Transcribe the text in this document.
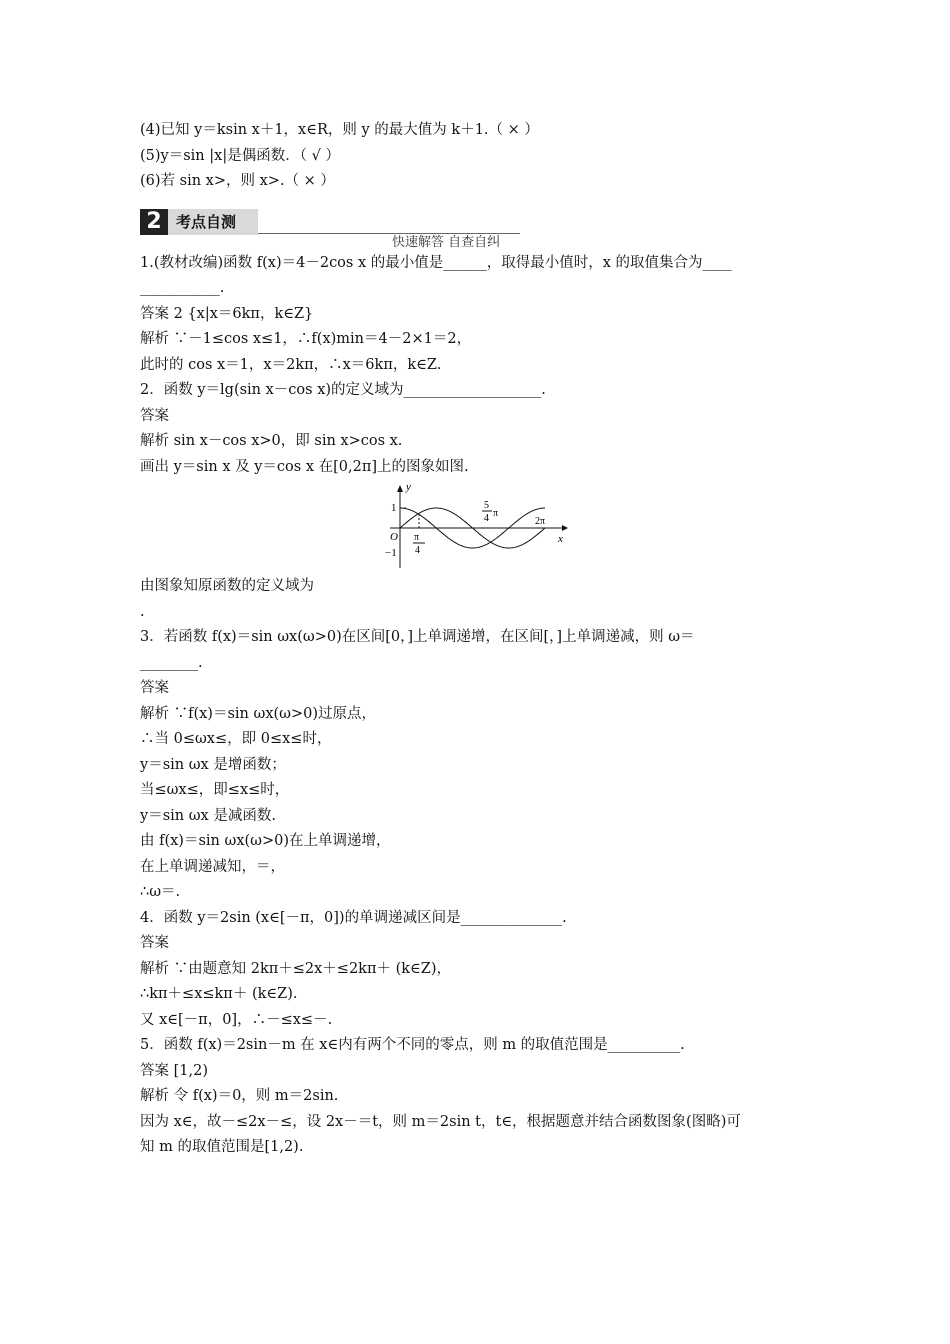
(4)已知 y＝ksin x＋1，x∈R，则 y 的最大值为 k＋1.（ × ）
(5)y＝sin |x|是偶函数．（ √ ）
(6)若 sin x>，则 x>.（ × ）
2 考点自测
快速解答 自查自纠
1.(教材改编)函数 f(x)＝4－2cos x 的最小值是______，取得最小值时，x 的取值集合为____
___________.
答案 2 {x|x＝6kπ，k∈Z}
解析 ∵－1≤cos x≤1，∴f(x)min＝4－2×1＝2，
此时的 cos x＝1，x＝2kπ，∴x＝6kπ，k∈Z.
2．函数 y＝lg(sin x－cos x)的定义域为___________________.
答案
解析 sin x－cos x>0，即 sin x>cos x.
画出 y＝sin x 及 y＝cos x 在[0,2π]上的图象如图.
y
x
O
1
−1
π
4
5
4 π
2π
由图象知原函数的定义域为
.
3．若函数 f(x)＝sin ωx(ω>0)在区间[0，]上单调递增，在区间[，]上单调递减，则 ω＝
________.
答案
解析 ∵f(x)＝sin ωx(ω>0)过原点，
∴当 0≤ωx≤，即 0≤x≤时，
y＝sin ωx 是增函数；
当≤ωx≤，即≤x≤时，
y＝sin ωx 是减函数.
由 f(x)＝sin ωx(ω>0)在上单调递增，
在上单调递减知，＝，
∴ω＝.
4．函数 y＝2sin (x∈[－π，0])的单调递减区间是______________.
答案
解析 ∵由题意知 2kπ＋≤2x＋≤2kπ＋ (k∈Z)，
∴kπ＋≤x≤kπ＋ (k∈Z).
又 x∈[－π，0]，∴－≤x≤－.
5．函数 f(x)＝2sin－m 在 x∈内有两个不同的零点，则 m 的取值范围是__________.
答案 [1,2)
解析 令 f(x)＝0，则 m＝2sin.
因为 x∈，故－≤2x－≤，设 2x－＝t，则 m＝2sin t，t∈，根据题意并结合函数图象(图略)可
知 m 的取值范围是[1,2).
